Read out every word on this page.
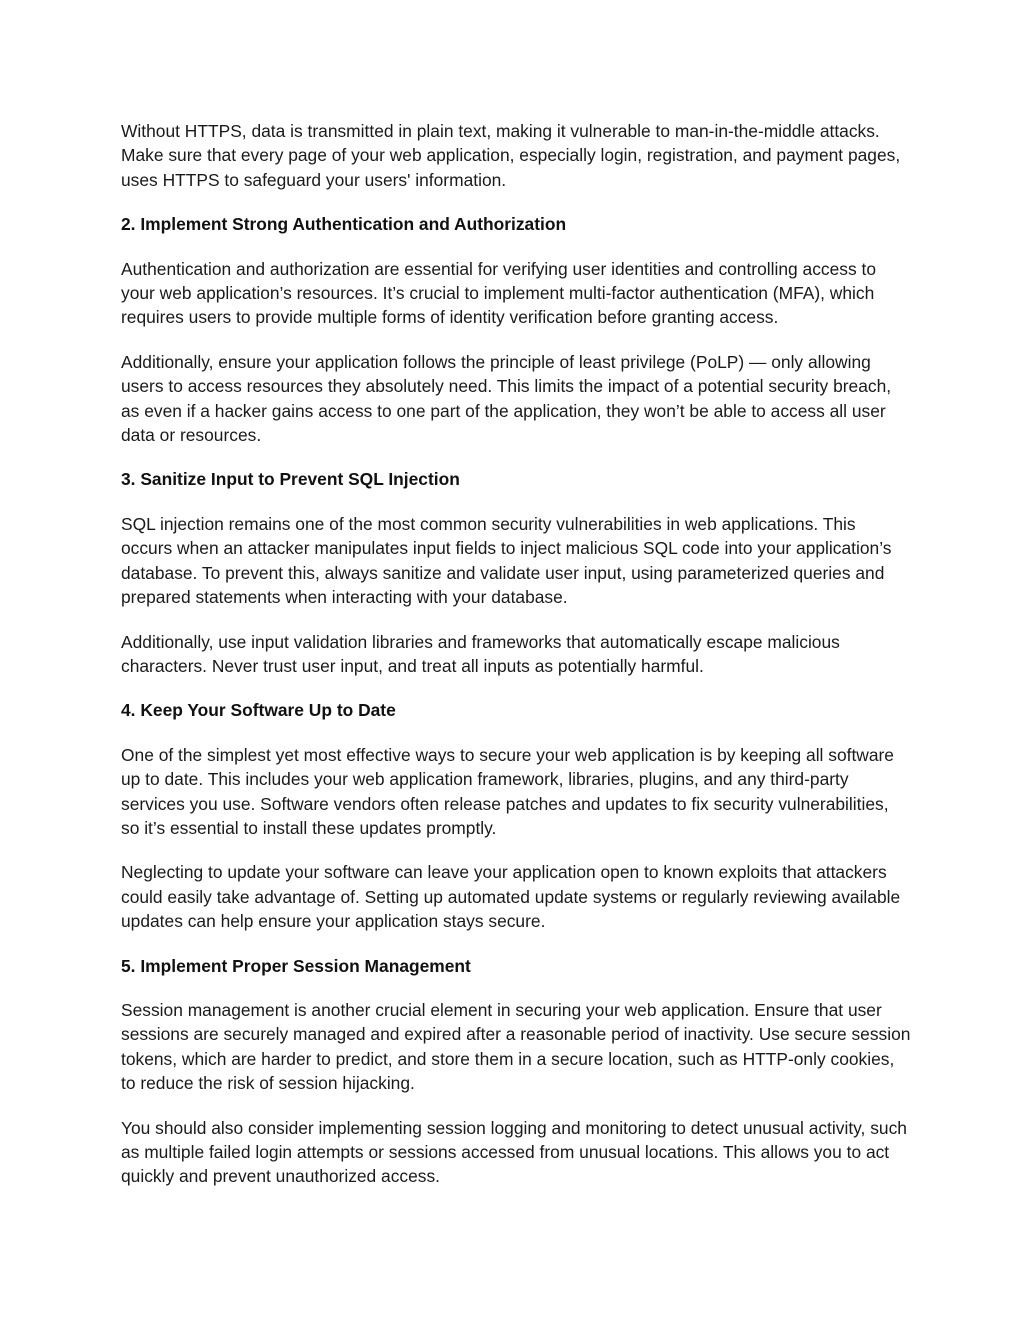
Without HTTPS, data is transmitted in plain text, making it vulnerable to man-in-the-middle attacks. Make sure that every page of your web application, especially login, registration, and payment pages, uses HTTPS to safeguard your users' information.

2. Implement Strong Authentication and Authorization

Authentication and authorization are essential for verifying user identities and controlling access to your web application’s resources. It’s crucial to implement multi-factor authentication (MFA), which requires users to provide multiple forms of identity verification before granting access.

Additionally, ensure your application follows the principle of least privilege (PoLP) — only allowing users to access resources they absolutely need. This limits the impact of a potential security breach, as even if a hacker gains access to one part of the application, they won’t be able to access all user data or resources.

3. Sanitize Input to Prevent SQL Injection

SQL injection remains one of the most common security vulnerabilities in web applications. This occurs when an attacker manipulates input fields to inject malicious SQL code into your application’s database. To prevent this, always sanitize and validate user input, using parameterized queries and prepared statements when interacting with your database.

Additionally, use input validation libraries and frameworks that automatically escape malicious characters. Never trust user input, and treat all inputs as potentially harmful.

4. Keep Your Software Up to Date

One of the simplest yet most effective ways to secure your web application is by keeping all software up to date. This includes your web application framework, libraries, plugins, and any third-party services you use. Software vendors often release patches and updates to fix security vulnerabilities, so it’s essential to install these updates promptly.

Neglecting to update your software can leave your application open to known exploits that attackers could easily take advantage of. Setting up automated update systems or regularly reviewing available updates can help ensure your application stays secure.

5. Implement Proper Session Management

Session management is another crucial element in securing your web application. Ensure that user sessions are securely managed and expired after a reasonable period of inactivity. Use secure session tokens, which are harder to predict, and store them in a secure location, such as HTTP-only cookies, to reduce the risk of session hijacking.

You should also consider implementing session logging and monitoring to detect unusual activity, such as multiple failed login attempts or sessions accessed from unusual locations. This allows you to act quickly and prevent unauthorized access.
